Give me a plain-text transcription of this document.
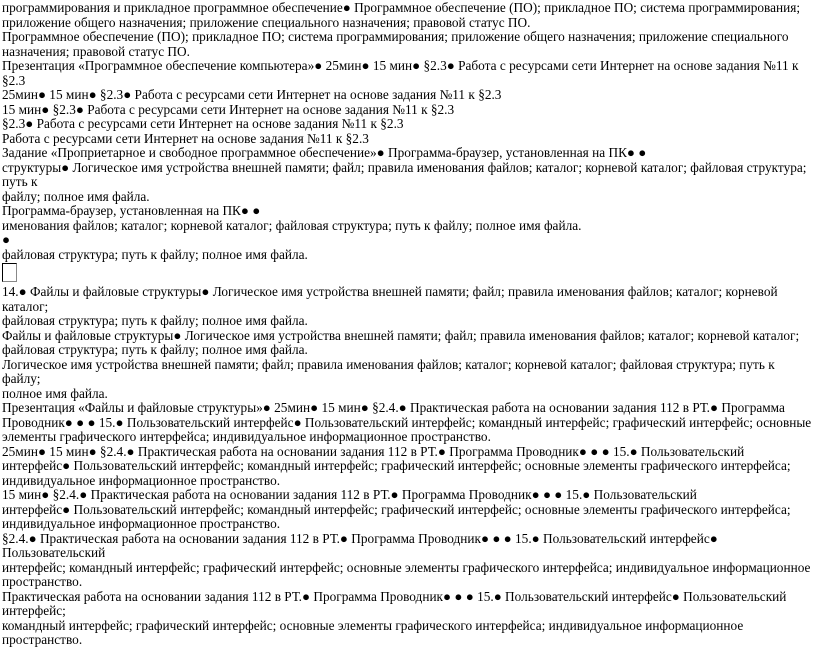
программирования и прикладное программное обеспечение● Программное обеспечение (ПО); прикладное ПО; система программирования;

приложение общего назначения; приложение специального назначения; правовой статус ПО.

Программное обеспечение (ПО); прикладное ПО; система программирования; приложение общего назначения; приложение специального

назначения; правовой статус ПО.

Презентация «Программное обеспечение компьютера»● 25мин● 15 мин● §2.3● Работа с ресурсами сети Интернет на основе задания №11 к §2.3

25мин● 15 мин● §2.3● Работа с ресурсами сети Интернет на основе задания №11 к §2.3

15 мин● §2.3● Работа с ресурсами сети Интернет на основе задания №11 к §2.3

§2.3● Работа с ресурсами сети Интернет на основе задания №11 к §2.3

Работа с ресурсами сети Интернет на основе задания №11 к §2.3

Задание «Проприетарное и свободное программное обеспечение»● Программа-браузер, установленная на ПК● ●

структуры● Логическое имя устройства внешней памяти; файл; правила именования файлов; каталог; корневой каталог; файловая структура; путь к

файлу; полное имя файла.

Программа-браузер, установленная на ПК● ●

именования файлов; каталог; корневой каталог; файловая структура; путь к файлу; полное имя файла.

●

файловая структура; путь к файлу; полное имя файла.

14.● Файлы и файловые структуры● Логическое имя устройства внешней памяти; файл; правила именования файлов; каталог; корневой каталог;

файловая структура; путь к файлу; полное имя файла.

Файлы и файловые структуры● Логическое имя устройства внешней памяти; файл; правила именования файлов; каталог; корневой каталог;

файловая структура; путь к файлу; полное имя файла.

Логическое имя устройства внешней памяти; файл; правила именования файлов; каталог; корневой каталог; файловая структура; путь к файлу;

полное имя файла.

Презентация «Файлы и файловые структуры»● 25мин● 15 мин● §2.4.● Практическая работа на основании задания 112 в РТ.● Программа

Проводник● ● ● 15.● Пользовательский интерфейс● Пользовательский интерфейс; командный интерфейс; графический интерфейс; основные

элементы графического интерфейса; индивидуальное информационное пространство.

25мин● 15 мин● §2.4.● Практическая работа на основании задания 112 в РТ.● Программа Проводник● ● ● 15.● Пользовательский

интерфейс● Пользовательский интерфейс; командный интерфейс; графический интерфейс; основные элементы графического интерфейса;

индивидуальное информационное пространство.

15 мин● §2.4.● Практическая работа на основании задания 112 в РТ.● Программа Проводник● ● ● 15.● Пользовательский

интерфейс● Пользовательский интерфейс; командный интерфейс; графический интерфейс; основные элементы графического интерфейса;

индивидуальное информационное пространство.

§2.4.● Практическая работа на основании задания 112 в РТ.● Программа Проводник● ● ● 15.● Пользовательский интерфейс● Пользовательский

интерфейс; командный интерфейс; графический интерфейс; основные элементы графического интерфейса; индивидуальное информационное

пространство.

Практическая работа на основании задания 112 в РТ.● Программа Проводник● ● ● 15.● Пользовательский интерфейс● Пользовательский интерфейс;

командный интерфейс; графический интерфейс; основные элементы графического интерфейса; индивидуальное информационное пространство.
